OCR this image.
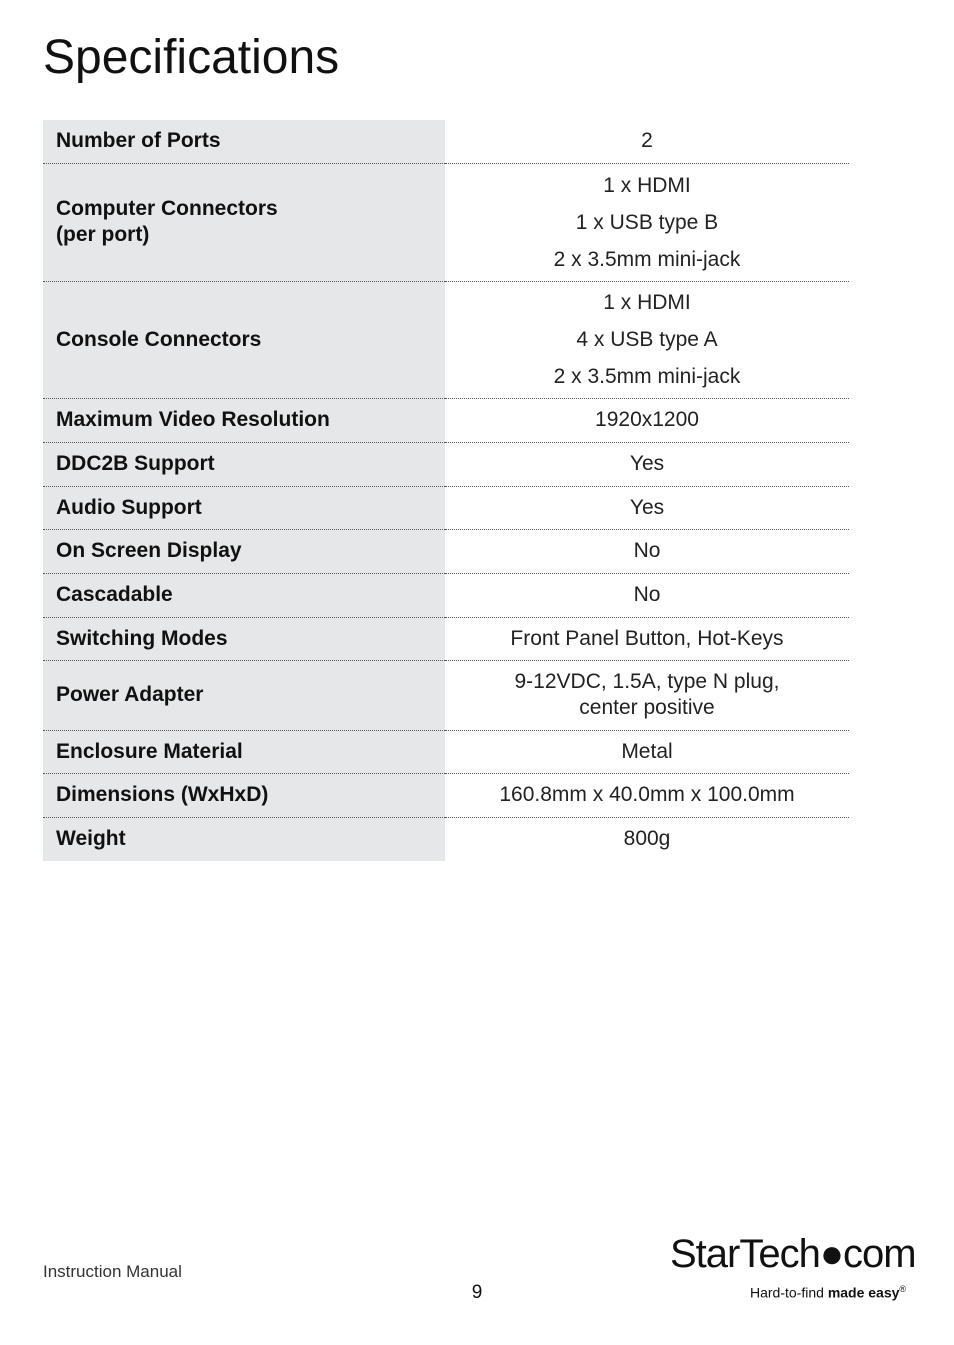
Specifications
Number of Ports	2

Computer Connectors
(per port)	1 x HDMI
1 x USB type B
2 x 3.5mm mini-jack

Console Connectors	1 x HDMI
4 x USB type A
2 x 3.5mm mini-jack

Maximum Video Resolution	1920x1200

DDC2B Support	Yes

Audio Support	Yes

On Screen Display	No

Cascadable	No

Switching Modes	Front Panel Button, Hot-Keys

Power Adapter	9-12VDC, 1.5A, type N plug,
center positive

Enclosure Material	Metal

Dimensions (WxHxD)	160.8mm x 40.0mm x 100.0mm

Weight	800g
Instruction Manual
9
StarTech●com
Hard-to-find made easy®
